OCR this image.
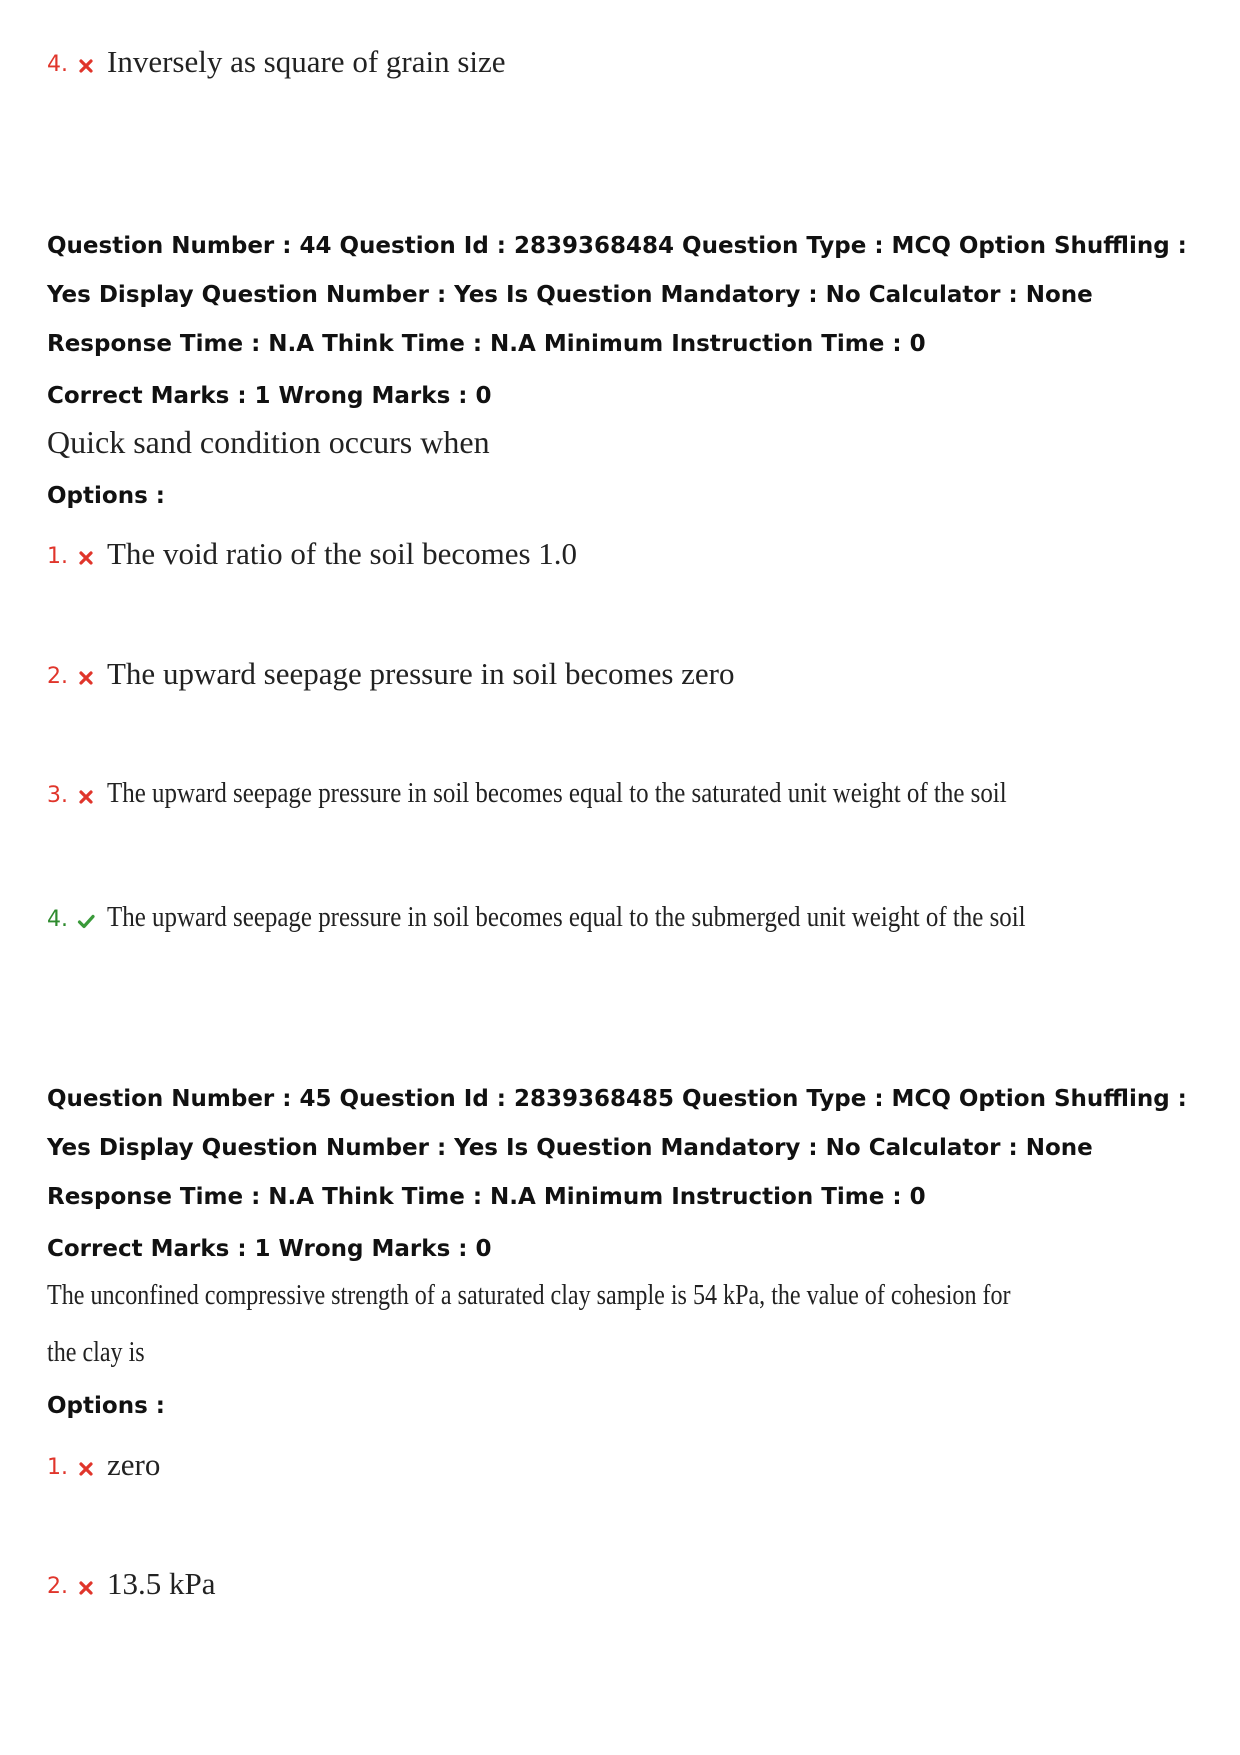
4. Inversely as square of grain size
Question Number : 44 Question Id : 2839368484 Question Type : MCQ Option Shuffling : Yes Display Question Number : Yes Is Question Mandatory : No Calculator : None Response Time : N.A Think Time : N.A Minimum Instruction Time : 0
Correct Marks : 1 Wrong Marks : 0
Quick sand condition occurs when
Options :
1. The void ratio of the soil becomes 1.0
2. The upward seepage pressure in soil becomes zero
3.	The upward seepage pressure in soil becomes equal to the saturated unit weight of the soil
4.	The upward seepage pressure in soil becomes equal to the submerged unit weight of the soil
Question Number : 45 Question Id : 2839368485 Question Type : MCQ Option Shuffling : Yes Display Question Number : Yes Is Question Mandatory : No Calculator : None Response Time : N.A Think Time : N.A Minimum Instruction Time : 0
Correct Marks : 1 Wrong Marks : 0
The unconfined compressive strength of a saturated clay sample is 54 kPa, the value of cohesion for
the clay is
Options :
1. zero
2. 13.5 kPa
